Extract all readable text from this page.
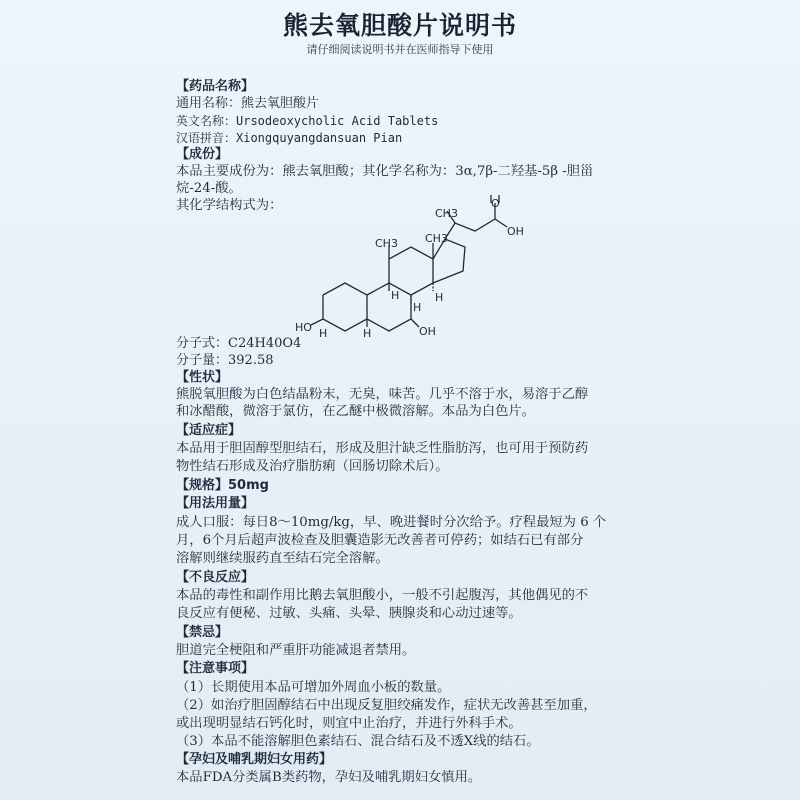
熊去氧胆酸片说明书
请仔细阅读说明书并在医师指导下使用
【药品名称】
通用名称：熊去氧胆酸片
英文名称：Ursodeoxycholic Acid Tablets
汉语拼音：Xiongquyangdansuan Pian
【成份】
本品主要成份为：熊去氧胆酸；其化学名称为：3α,7β-二羟基-5β -胆甾
烷-24-酸。
其化学结构式为：
CH3
CH3
CH3
OH
O
H
H
H
H
HO	OH
H
分子式：C24H40O4
分子量：392.58
【性状】
熊脱氧胆酸为白色结晶粉末，无臭，味苦。几乎不溶于水，易溶于乙醇
和冰醋酸，微溶于氯仿，在乙醚中极微溶解。本品为白色片。
【适应症】
本品用于胆固醇型胆结石，形成及胆汁缺乏性脂肪泻，也可用于预防药
物性结石形成及治疗脂肪痢（回肠切除术后）。
【规格】50mg
【用法用量】
成人口服：每日8～10mg/kg，早、晚进餐时分次给予。疗程最短为 6 个
月，6个月后超声波检查及胆囊造影无改善者可停药；如结石已有部分
溶解则继续服药直至结石完全溶解。
【不良反应】
本品的毒性和副作用比鹅去氧胆酸小，一般不引起腹泻，其他偶见的不
良反应有便秘、过敏、头痛、头晕、胰腺炎和心动过速等。
【禁忌】
胆道完全梗阻和严重肝功能减退者禁用。
【注意事项】
（1）长期使用本品可增加外周血小板的数量。
（2）如治疗胆固醇结石中出现反复胆绞痛发作，症状无改善甚至加重，
或出现明显结石钙化时，则宜中止治疗，并进行外科手术。
（3）本品不能溶解胆色素结石、混合结石及不透X线的结石。
【孕妇及哺乳期妇女用药】
本品FDA分类属B类药物，孕妇及哺乳期妇女慎用。
